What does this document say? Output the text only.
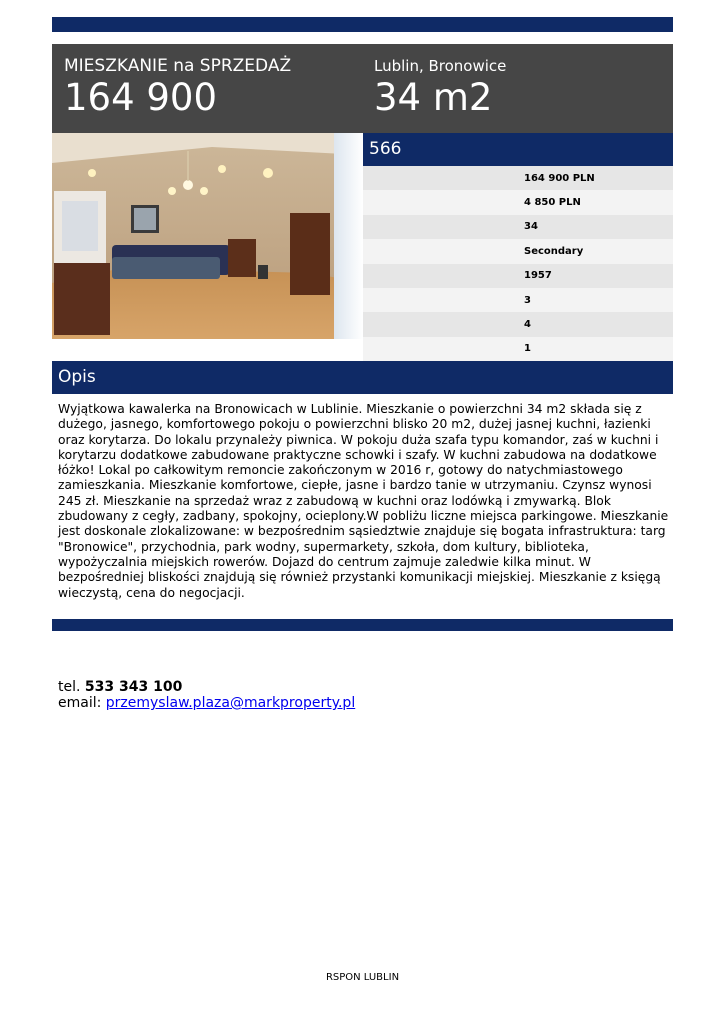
MIESZKANIE na SPRZEDAŻ
164 900
Lublin, Bronowice
34 m2
566
164 900 PLN
4 850 PLN
34
Secondary
1957
3
4
1
Opis
Wyjątkowa kawalerka na Bronowicach w Lublinie. Mieszkanie o powierzchni 34 m2 składa się z dużego, jasnego, komfortowego pokoju o powierzchni blisko 20 m2, dużej jasnej kuchni, łazienki oraz korytarza. Do lokalu przynależy piwnica. W pokoju duża szafa typu komandor, zaś w kuchni i korytarzu dodatkowe zabudowane praktyczne schowki i szafy. W kuchni zabudowa na dodatkowe łóżko! Lokal po całkowitym remoncie zakończonym w 2016 r, gotowy do natychmiastowego zamieszkania. Mieszkanie komfortowe, ciepłe, jasne i bardzo tanie w utrzymaniu. Czynsz wynosi 245 zł. Mieszkanie na sprzedaż wraz z zabudową w kuchni oraz lodówką i zmywarką. Blok zbudowany z cegły, zadbany, spokojny, ocieplony.W pobliżu liczne miejsca parkingowe. Mieszkanie jest doskonale zlokalizowane: w bezpośrednim sąsiedztwie znajduje się bogata infrastruktura: targ "Bronowice", przychodnia, park wodny, supermarkety, szkoła, dom kultury, biblioteka, wypożyczalnia miejskich rowerów. Dojazd do centrum zajmuje zaledwie kilka minut. W bezpośredniej bliskości znajdują się również przystanki komunikacji miejskiej. Mieszkanie z księgą wieczystą, cena do negocjacji.
tel. 533 343 100
email: przemyslaw.plaza@markproperty.pl
RSPON LUBLIN
